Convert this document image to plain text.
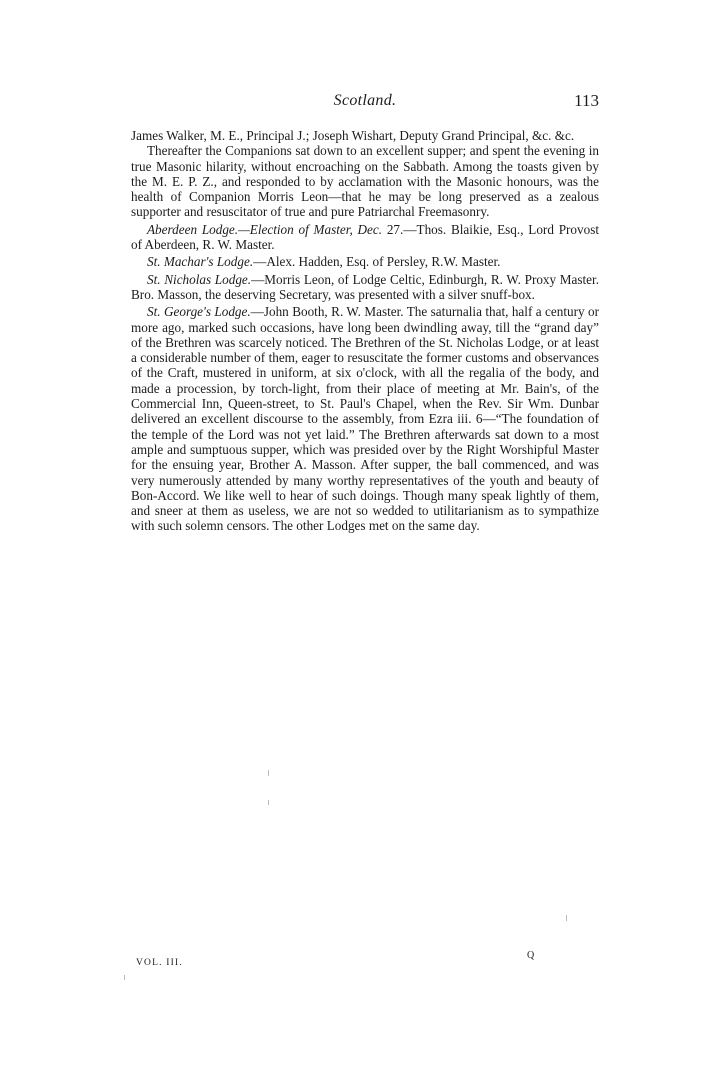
Scotland.	113

James Walker, M. E., Principal J.; Joseph Wishart, Deputy Grand Principal, &c. &c.

Thereafter the Companions sat down to an excellent supper; and spent the evening in true Masonic hilarity, without encroaching on the Sabbath. Among the toasts given by the M. E. P. Z., and responded to by acclamation with the Masonic honours, was the health of Companion Morris Leon—that he may be long preserved as a zealous supporter and resuscitator of true and pure Patriarchal Freemasonry.

Aberdeen Lodge.—Election of Master, Dec. 27.—Thos. Blaikie, Esq., Lord Provost of Aberdeen, R. W. Master.

St. Machar's Lodge.—Alex. Hadden, Esq. of Persley, R.W. Master.

St. Nicholas Lodge.—Morris Leon, of Lodge Celtic, Edinburgh, R. W. Proxy Master. Bro. Masson, the deserving Secretary, was presented with a silver snuff-box.

St. George's Lodge.—John Booth, R. W. Master. The saturnalia that, half a century or more ago, marked such occasions, have long been dwindling away, till the “grand day” of the Brethren was scarcely noticed. The Brethren of the St. Nicholas Lodge, or at least a considerable number of them, eager to resuscitate the former customs and observances of the Craft, mustered in uniform, at six o'clock, with all the regalia of the body, and made a procession, by torch-light, from their place of meeting at Mr. Bain's, of the Commercial Inn, Queen-street, to St. Paul's Chapel, when the Rev. Sir Wm. Dunbar delivered an excellent discourse to the assembly, from Ezra iii. 6—“The foundation of the temple of the Lord was not yet laid.” The Brethren afterwards sat down to a most ample and sumptuous supper, which was presided over by the Right Worshipful Master for the ensuing year, Brother A. Masson. After supper, the ball commenced, and was very numerously attended by many worthy representatives of the youth and beauty of Bon-Accord. We like well to hear of such doings. Though many speak lightly of them, and sneer at them as useless, we are not so wedded to utilitarianism as to sympathize with such solemn censors. The other Lodges met on the same day.

VOL. III.
Q
